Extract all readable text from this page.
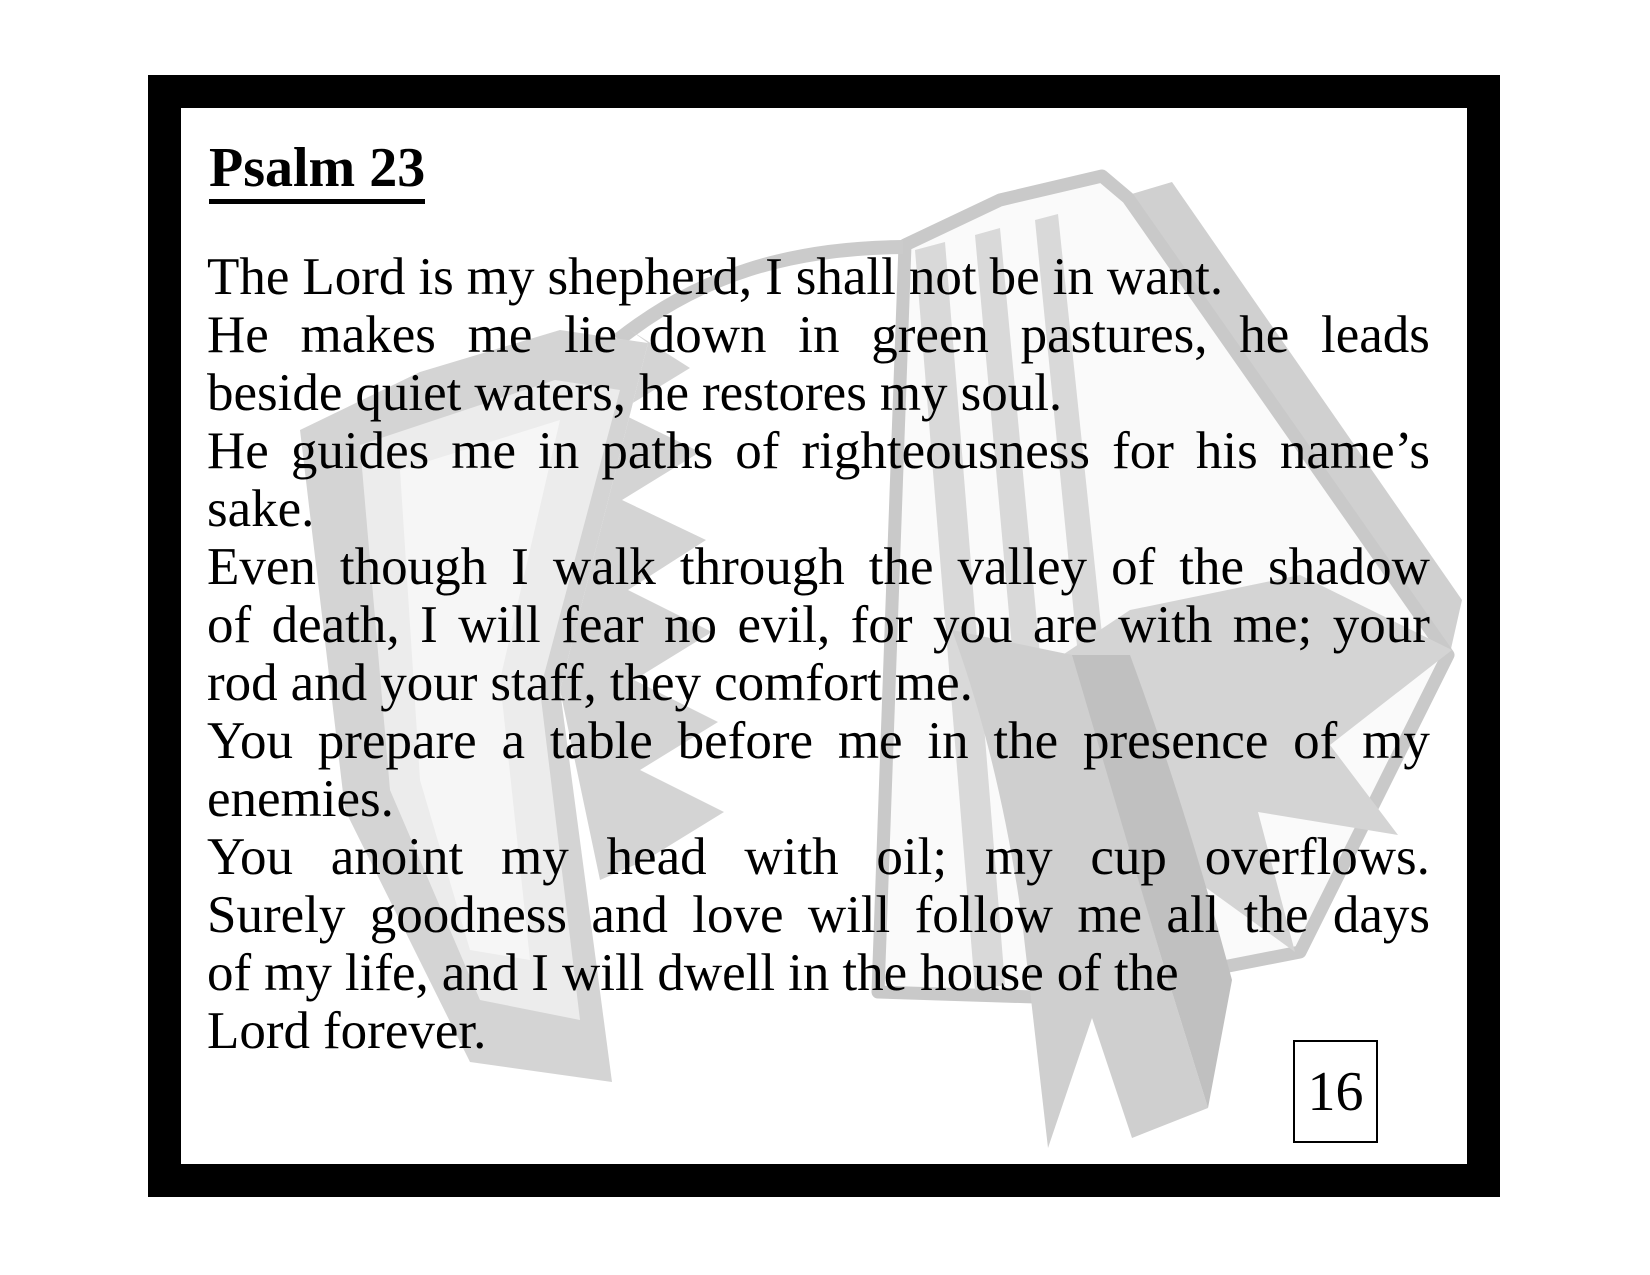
Psalm 23
The Lord is my shepherd, I shall not be in want.
He makes me lie down in green pastures, he leads
beside quiet waters, he restores my soul.
He guides me in paths of righteousness for his name’s
sake.
Even though I walk through the valley of the shadow
of death, I will fear no evil, for you are with me; your
rod and your staff, they comfort me.
You prepare a table before me in the presence of my
enemies.
You anoint my head with oil; my cup overflows.
Surely goodness and love will follow me all the days
of my life, and I will dwell in the house of the
Lord forever.
16
